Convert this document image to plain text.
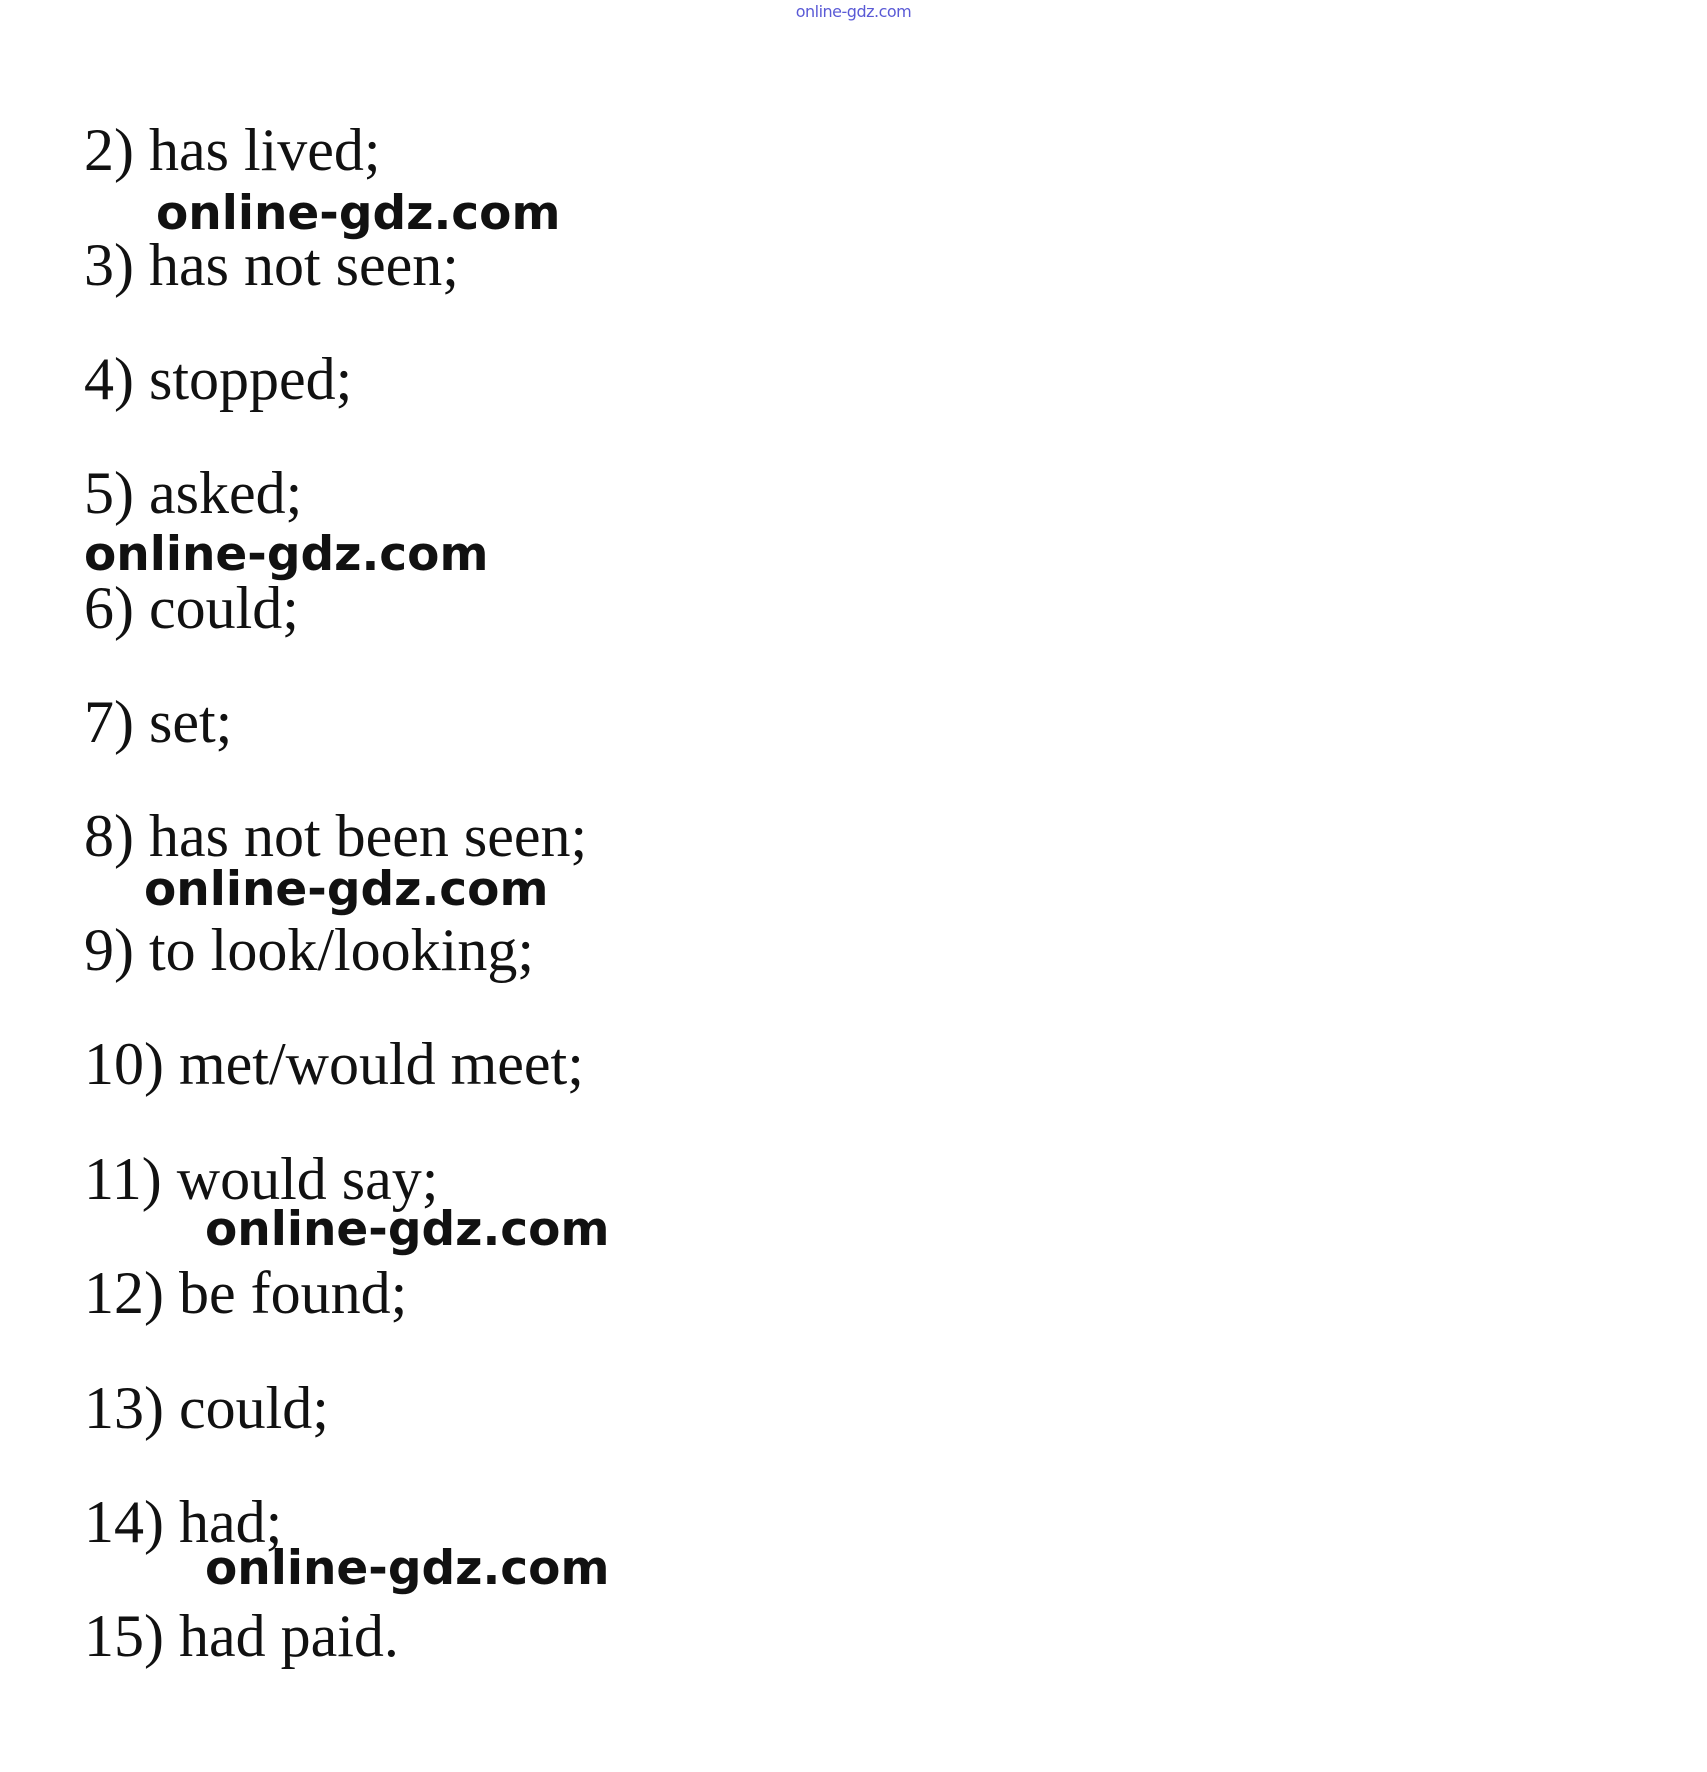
online-gdz.com
2) has lived;
online-gdz.com
3) has not seen;
4) stopped;
5) asked;
online-gdz.com
6) could;
7) set;
8) has not been seen;
online-gdz.com
9) to look/looking;
10) met/would meet;
11) would say;
online-gdz.com
12) be found;
13) could;
14) had;
online-gdz.com
15) had paid.
